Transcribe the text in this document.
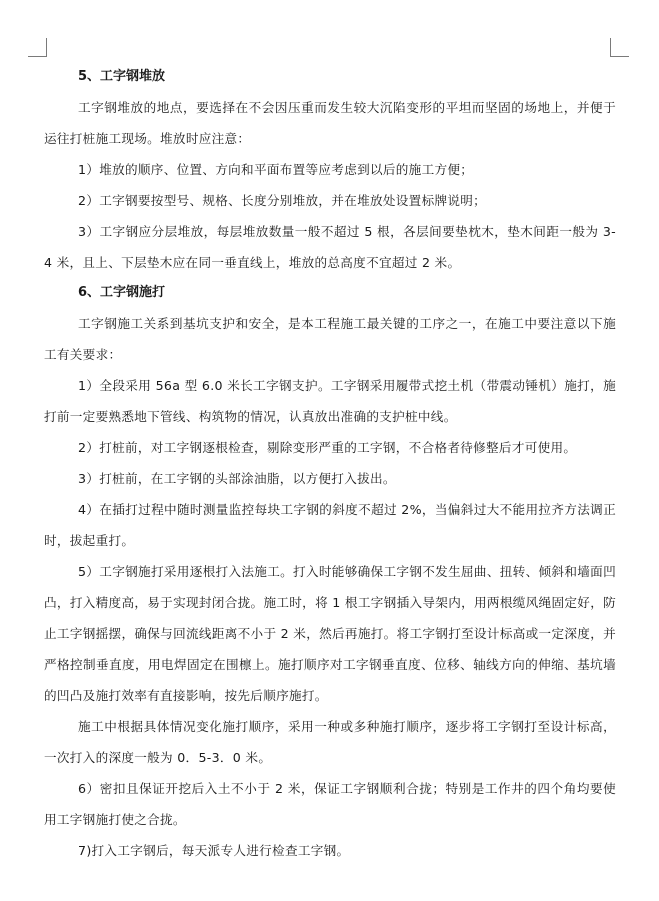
5、工字钢堆放

工字钢堆放的地点，要选择在不会因压重而发生较大沉陷变形的平坦而坚固的场地上，并便于运往打桩施工现场。堆放时应注意：

1）堆放的顺序、位置、方向和平面布置等应考虑到以后的施工方便；

2）工字钢要按型号、规格、长度分别堆放，并在堆放处设置标牌说明；

3）工字钢应分层堆放，每层堆放数量一般不超过 5 根，各层间要垫枕木，垫木间距一般为 3-4 米，且上、下层垫木应在同一垂直线上，堆放的总高度不宜超过 2 米。

6、工字钢施打

工字钢施工关系到基坑支护和安全，是本工程施工最关键的工序之一，在施工中要注意以下施工有关要求：

1）全段采用 56a 型 6.0 米长工字钢支护。工字钢采用履带式挖土机（带震动锤机）施打，施打前一定要熟悉地下管线、构筑物的情况，认真放出准确的支护桩中线。

2）打桩前，对工字钢逐根检查，剔除变形严重的工字钢，不合格者待修整后才可使用。

3）打桩前，在工字钢的头部涂油脂，以方便打入拔出。

4）在插打过程中随时测量监控每块工字钢的斜度不超过 2%，当偏斜过大不能用拉齐方法调正时，拔起重打。

5）工字钢施打采用逐根打入法施工。打入时能够确保工字钢不发生屈曲、扭转、倾斜和墙面凹凸，打入精度高，易于实现封闭合拢。施工时，将 1 根工字钢插入导架内，用两根缆风绳固定好，防止工字钢摇摆，确保与回流线距离不小于 2 米，然后再施打。将工字钢打至设计标高或一定深度，并严格控制垂直度，用电焊固定在围檩上。施打顺序对工字钢垂直度、位移、轴线方向的伸缩、基坑墙的凹凸及施打效率有直接影响，按先后顺序施打。

施工中根据具体情况变化施打顺序，采用一种或多种施打顺序，逐步将工字钢打至设计标高，一次打入的深度一般为 0．5-3．0 米。

6）密扣且保证开挖后入土不小于 2 米，保证工字钢顺利合拢；特别是工作井的四个角均要使用工字钢施打使之合拢。

7)打入工字钢后，每天派专人进行检查工字钢。
